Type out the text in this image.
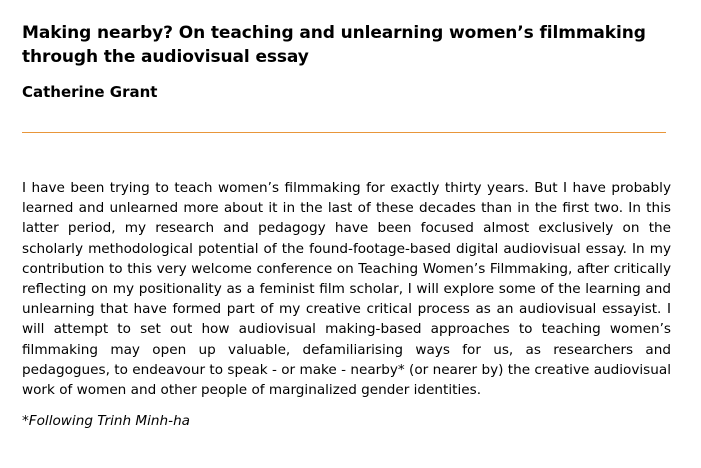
Making nearby? On teaching and unlearning women’s filmmaking through the audiovisual essay
Catherine Grant
I have been trying to teach women’s filmmaking for exactly thirty years. But I have probably learned and unlearned more about it in the last of these decades than in the first two. In this latter period, my research and pedagogy have been focused almost exclusively on the scholarly methodological potential of the found-footage-based digital audiovisual essay. In my contribution to this very welcome conference on Teaching Women’s Filmmaking, after critically reflecting on my positionality as a feminist film scholar, I will explore some of the learning and unlearning that have formed part of my creative critical process as an audiovisual essayist. I will attempt to set out how audiovisual making-based approaches to teaching women’s filmmaking may open up valuable, defamiliarising ways for us, as researchers and pedagogues, to endeavour to speak - or make - nearby* (or nearer by) the creative audiovisual work of women and other people of marginalized gender identities.
*Following Trinh Minh-ha
